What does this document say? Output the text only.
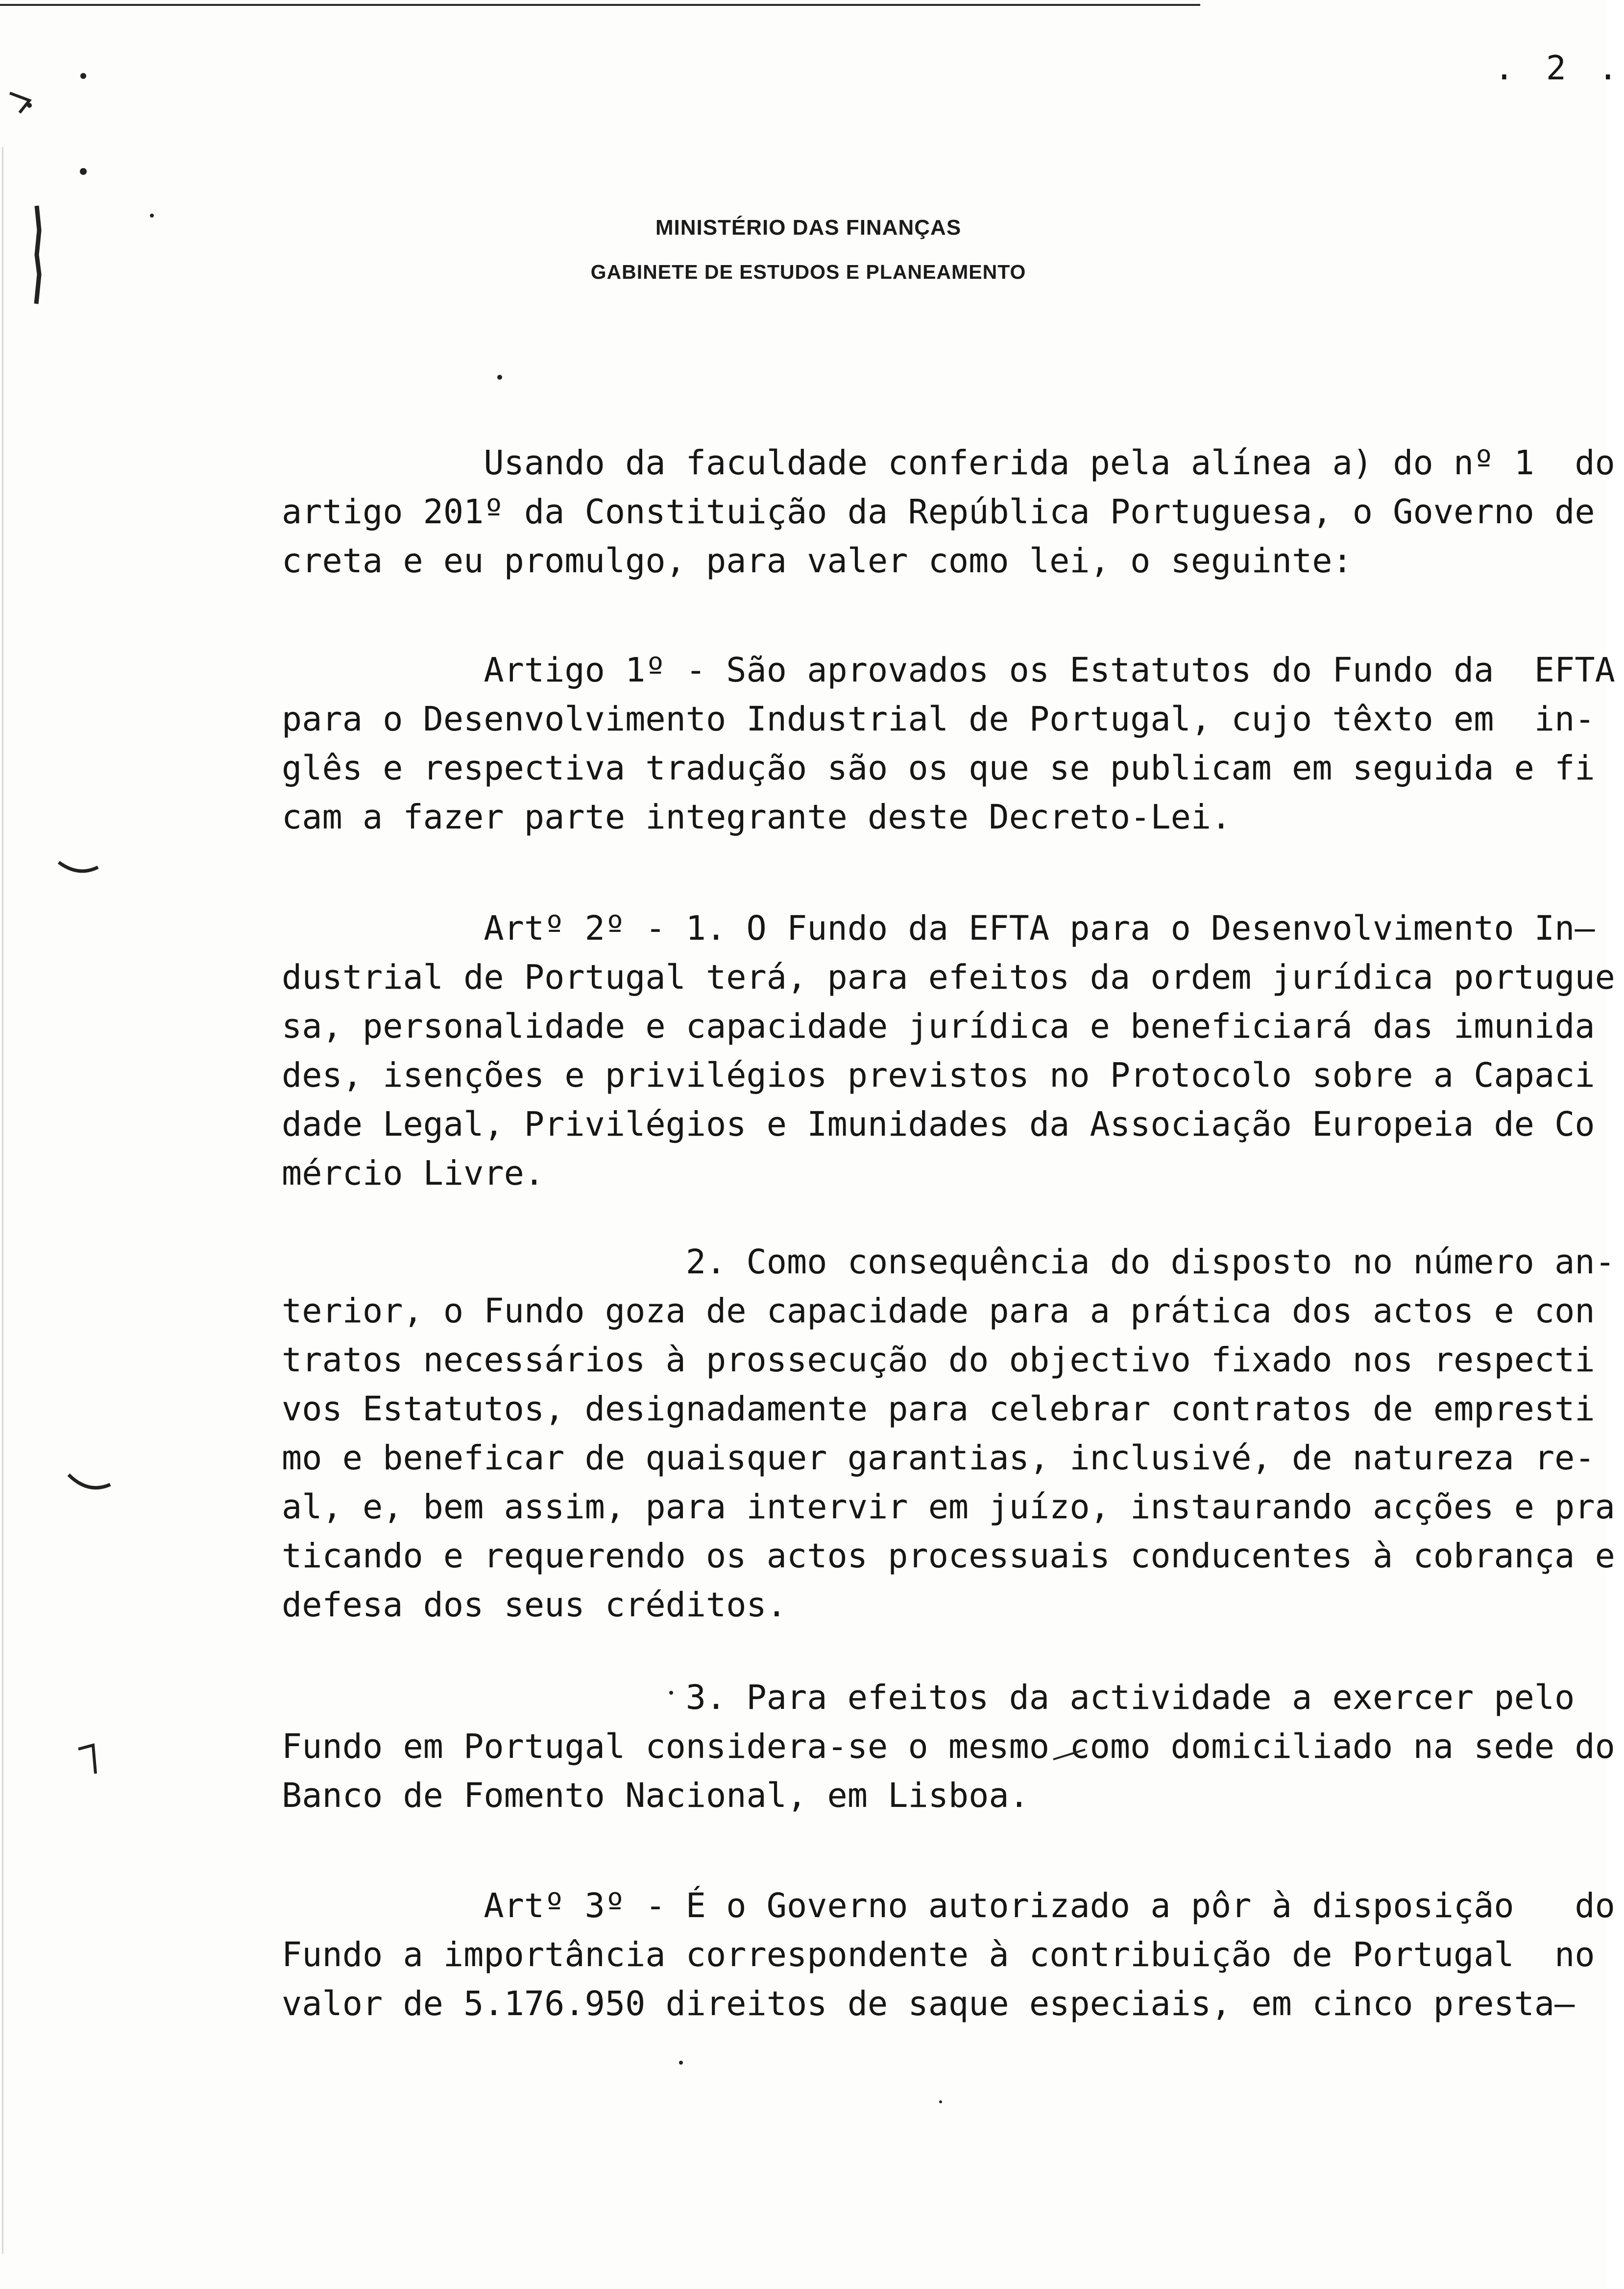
. 2 .
MINISTÉRIO DAS FINANÇAS
GABINETE DE ESTUDOS E PLANEAMENTO

Usando da faculdade conferida pela alínea a) do nº 1  do
artigo 201º da Constituição da República Portuguesa, o Governo de
creta e eu promulgo, para valer como lei, o seguinte:

Artigo 1º - São aprovados os Estatutos do Fundo da  EFTA
para o Desenvolvimento Industrial de Portugal, cujo têxto em  in-
glês e respectiva tradução são os que se publicam em seguida e fi
cam a fazer parte integrante deste Decreto-Lei.

Artº 2º - 1. O Fundo da EFTA para o Desenvolvimento In—
dustrial de Portugal terá, para efeitos da ordem jurídica portugue
sa, personalidade e capacidade jurídica e beneficiará das imunida
des, isenções e privilégios previstos no Protocolo sobre a Capaci
dade Legal, Privilégios e Imunidades da Associação Europeia de Co
mércio Livre.

2. Como consequência do disposto no número an-
terior, o Fundo goza de capacidade para a prática dos actos e con
tratos necessários à prossecução do objectivo fixado nos respecti
vos Estatutos, designadamente para celebrar contratos de empresti
mo e beneficar de quaisquer garantias, inclusivé, de natureza re-
al, e, bem assim, para intervir em juízo, instaurando acções e pra
ticando e requerendo os actos processuais conducentes à cobrança e
defesa dos seus créditos.

3. Para efeitos da actividade a exercer pelo
Fundo em Portugal considera-se o mesmo como domiciliado na sede do
Banco de Fomento Nacional, em Lisboa.

Artº 3º - É o Governo autorizado a pôr à disposição   do
Fundo a importância correspondente à contribuição de Portugal  no
valor de 5.176.950 direitos de saque especiais, em cinco presta—
